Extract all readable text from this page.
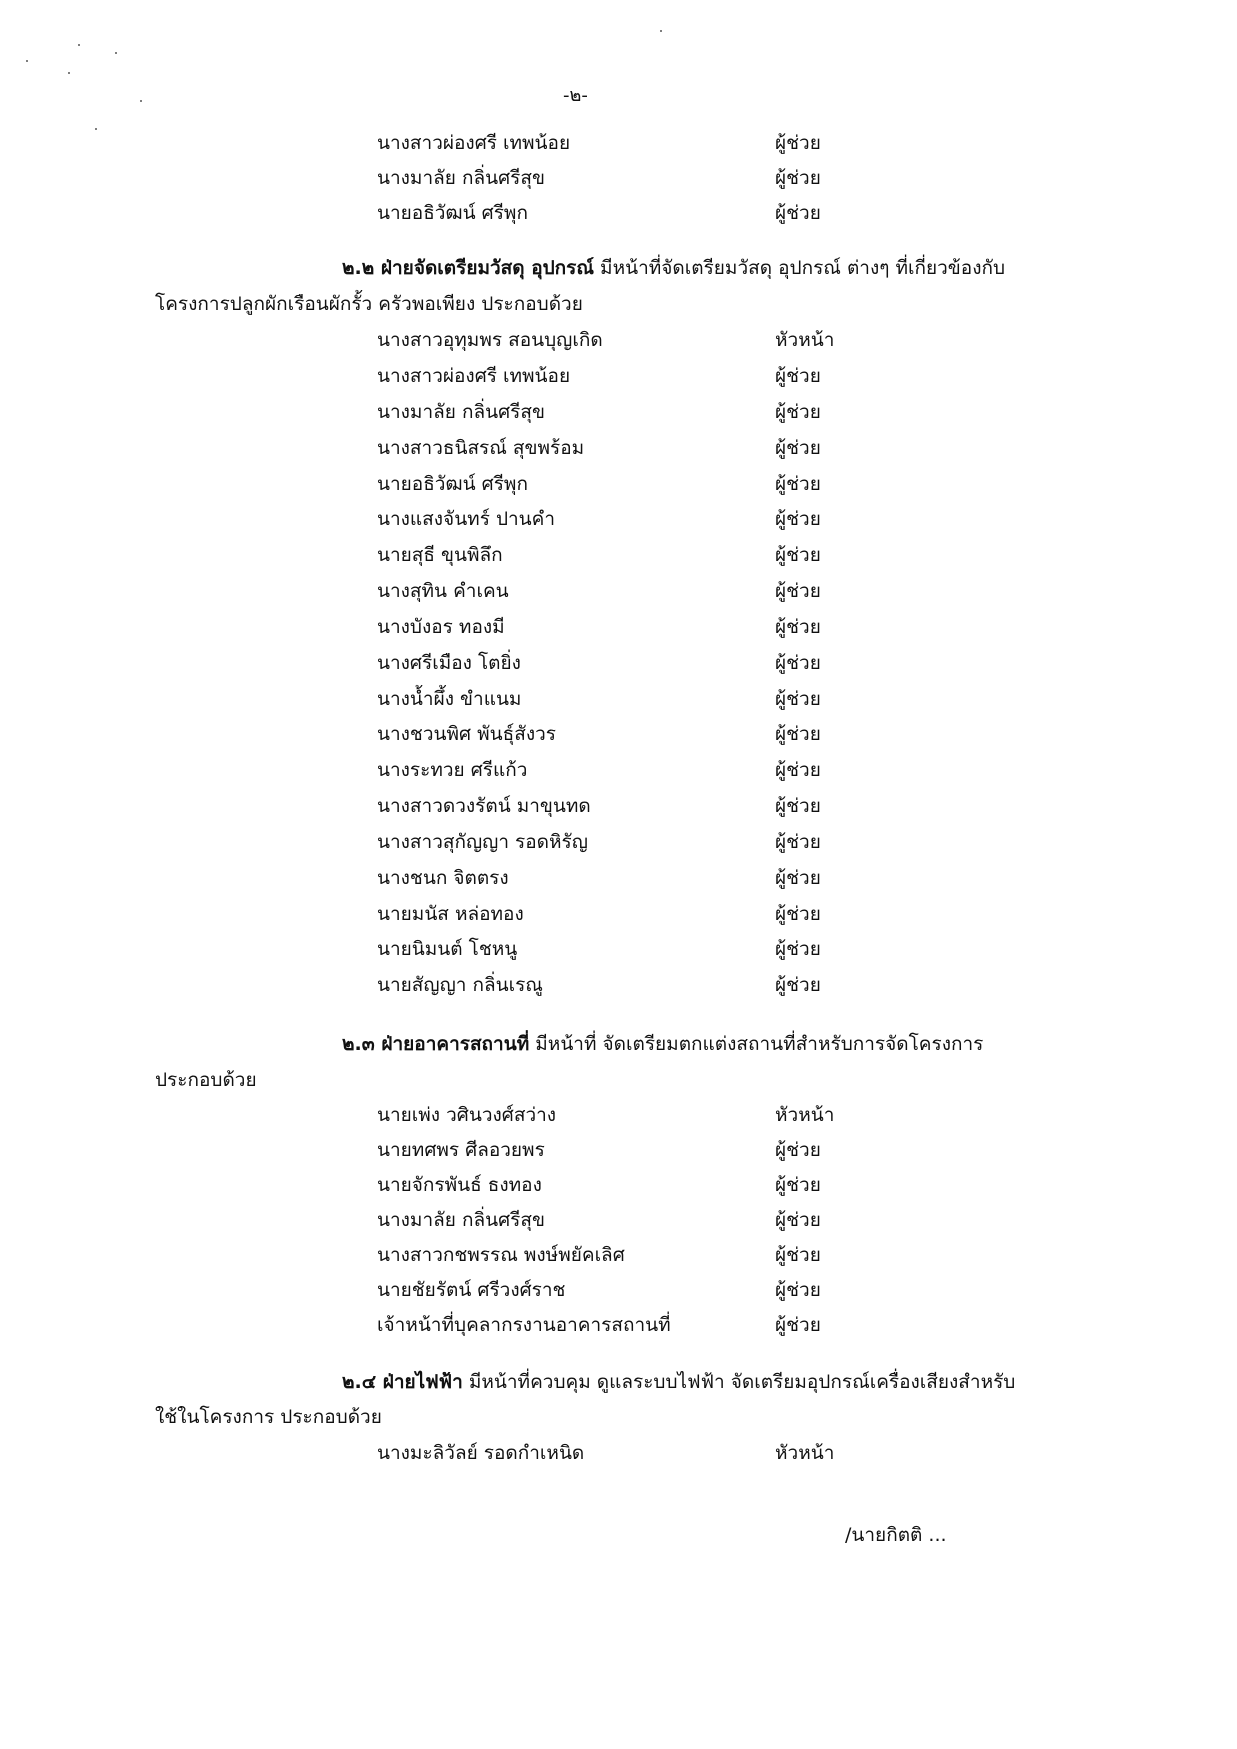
-๒-
นางสาวผ่องศรี เทพน้อย	ผู้ช่วย
นางมาลัย กลิ่นศรีสุข	ผู้ช่วย
นายอธิวัฒน์ ศรีพุก	ผู้ช่วย
๒.๒ ฝ่ายจัดเตรียมวัสดุ อุปกรณ์ มีหน้าที่จัดเตรียมวัสดุ อุปกรณ์ ต่างๆ ที่เกี่ยวข้องกับ
โครงการปลูกผักเรือนผักรั้ว ครัวพอเพียง ประกอบด้วย
นางสาวอุทุมพร สอนบุญเกิด	หัวหน้า
นางสาวผ่องศรี เทพน้อย	ผู้ช่วย
นางมาลัย กลิ่นศรีสุข	ผู้ช่วย
นางสาวธนิสรณ์ สุขพร้อม	ผู้ช่วย
นายอธิวัฒน์ ศรีพุก	ผู้ช่วย
นางแสงจันทร์ ปานคำ	ผู้ช่วย
นายสุธี ขุนพิลึก	ผู้ช่วย
นางสุทิน คำเคน	ผู้ช่วย
นางบังอร ทองมี	ผู้ช่วย
นางศรีเมือง โตยิ่ง	ผู้ช่วย
นางน้ำผึ้ง ขำแนม	ผู้ช่วย
นางชวนพิศ พันธุ์สังวร	ผู้ช่วย
นางระทวย ศรีแก้ว	ผู้ช่วย
นางสาวดวงรัตน์ มาขุนทด	ผู้ช่วย
นางสาวสุกัญญา รอดหิรัญ	ผู้ช่วย
นางชนก จิตตรง	ผู้ช่วย
นายมนัส หล่อทอง	ผู้ช่วย
นายนิมนต์ โชหนู	ผู้ช่วย
นายสัญญา กลิ่นเรณู	ผู้ช่วย
๒.๓ ฝ่ายอาคารสถานที่ มีหน้าที่ จัดเตรียมตกแต่งสถานที่สำหรับการจัดโครงการ
ประกอบด้วย
นายเพ่ง วศินวงศ์สว่าง	หัวหน้า
นายทศพร ศีลอวยพร	ผู้ช่วย
นายจักรพันธ์ ธงทอง	ผู้ช่วย
นางมาลัย กลิ่นศรีสุข	ผู้ช่วย
นางสาวกชพรรณ พงษ์พยัคเลิศ	ผู้ช่วย
นายชัยรัตน์ ศรีวงศ์ราช	ผู้ช่วย
เจ้าหน้าที่บุคลากรงานอาคารสถานที่	ผู้ช่วย
๒.๔ ฝ่ายไฟฟ้า มีหน้าที่ควบคุม ดูแลระบบไฟฟ้า จัดเตรียมอุปกรณ์เครื่องเสียงสำหรับ
ใช้ในโครงการ ประกอบด้วย
นางมะลิวัลย์ รอดกำเหนิด	หัวหน้า
/นายกิตติ ...
